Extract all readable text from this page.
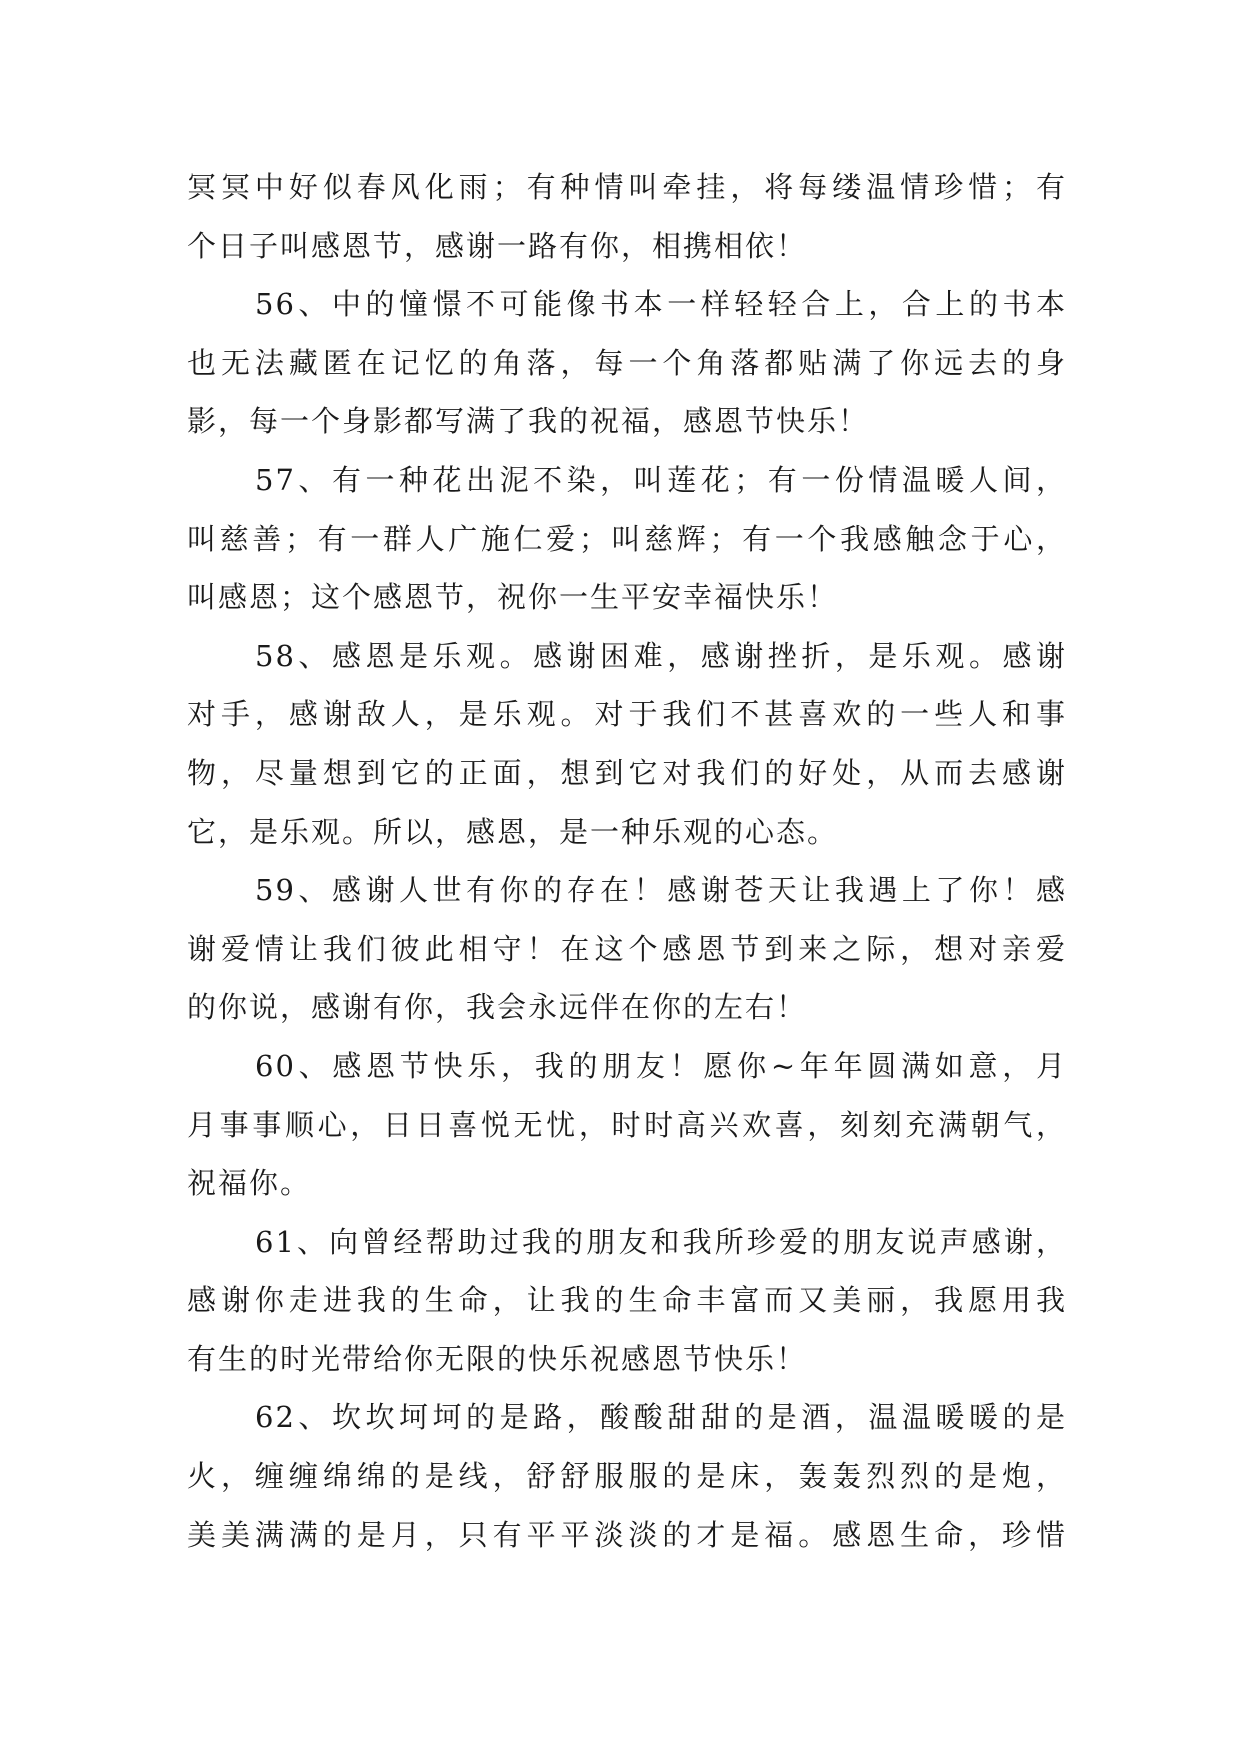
冥冥中好似春风化雨；有种情叫牵挂，将每缕温情珍惜；有
个日子叫感恩节，感谢一路有你，相携相依！
56、中的憧憬不可能像书本一样轻轻合上，合上的书本
也无法藏匿在记忆的角落，每一个角落都贴满了你远去的身
影，每一个身影都写满了我的祝福，感恩节快乐！
57、有一种花出泥不染，叫莲花；有一份情温暖人间，
叫慈善；有一群人广施仁爱；叫慈辉；有一个我感触念于心，
叫感恩；这个感恩节，祝你一生平安幸福快乐！
58、感恩是乐观。感谢困难，感谢挫折，是乐观。感谢
对手，感谢敌人，是乐观。对于我们不甚喜欢的一些人和事
物，尽量想到它的正面，想到它对我们的好处，从而去感谢
它，是乐观。所以，感恩，是一种乐观的心态。
59、感谢人世有你的存在！感谢苍天让我遇上了你！感
谢爱情让我们彼此相守！在这个感恩节到来之际，想对亲爱
的你说，感谢有你，我会永远伴在你的左右！
60、感恩节快乐，我的朋友！愿你~年年圆满如意，月
月事事顺心，日日喜悦无忧，时时高兴欢喜，刻刻充满朝气，
祝福你。
61、向曾经帮助过我的朋友和我所珍爱的朋友说声感谢，
感谢你走进我的生命，让我的生命丰富而又美丽，我愿用我
有生的时光带给你无限的快乐祝感恩节快乐！
62、坎坎坷坷的是路，酸酸甜甜的是酒，温温暖暖的是
火，缠缠绵绵的是线，舒舒服服的是床，轰轰烈烈的是炮，
美美满满的是月，只有平平淡淡的才是福。感恩生命，珍惜
